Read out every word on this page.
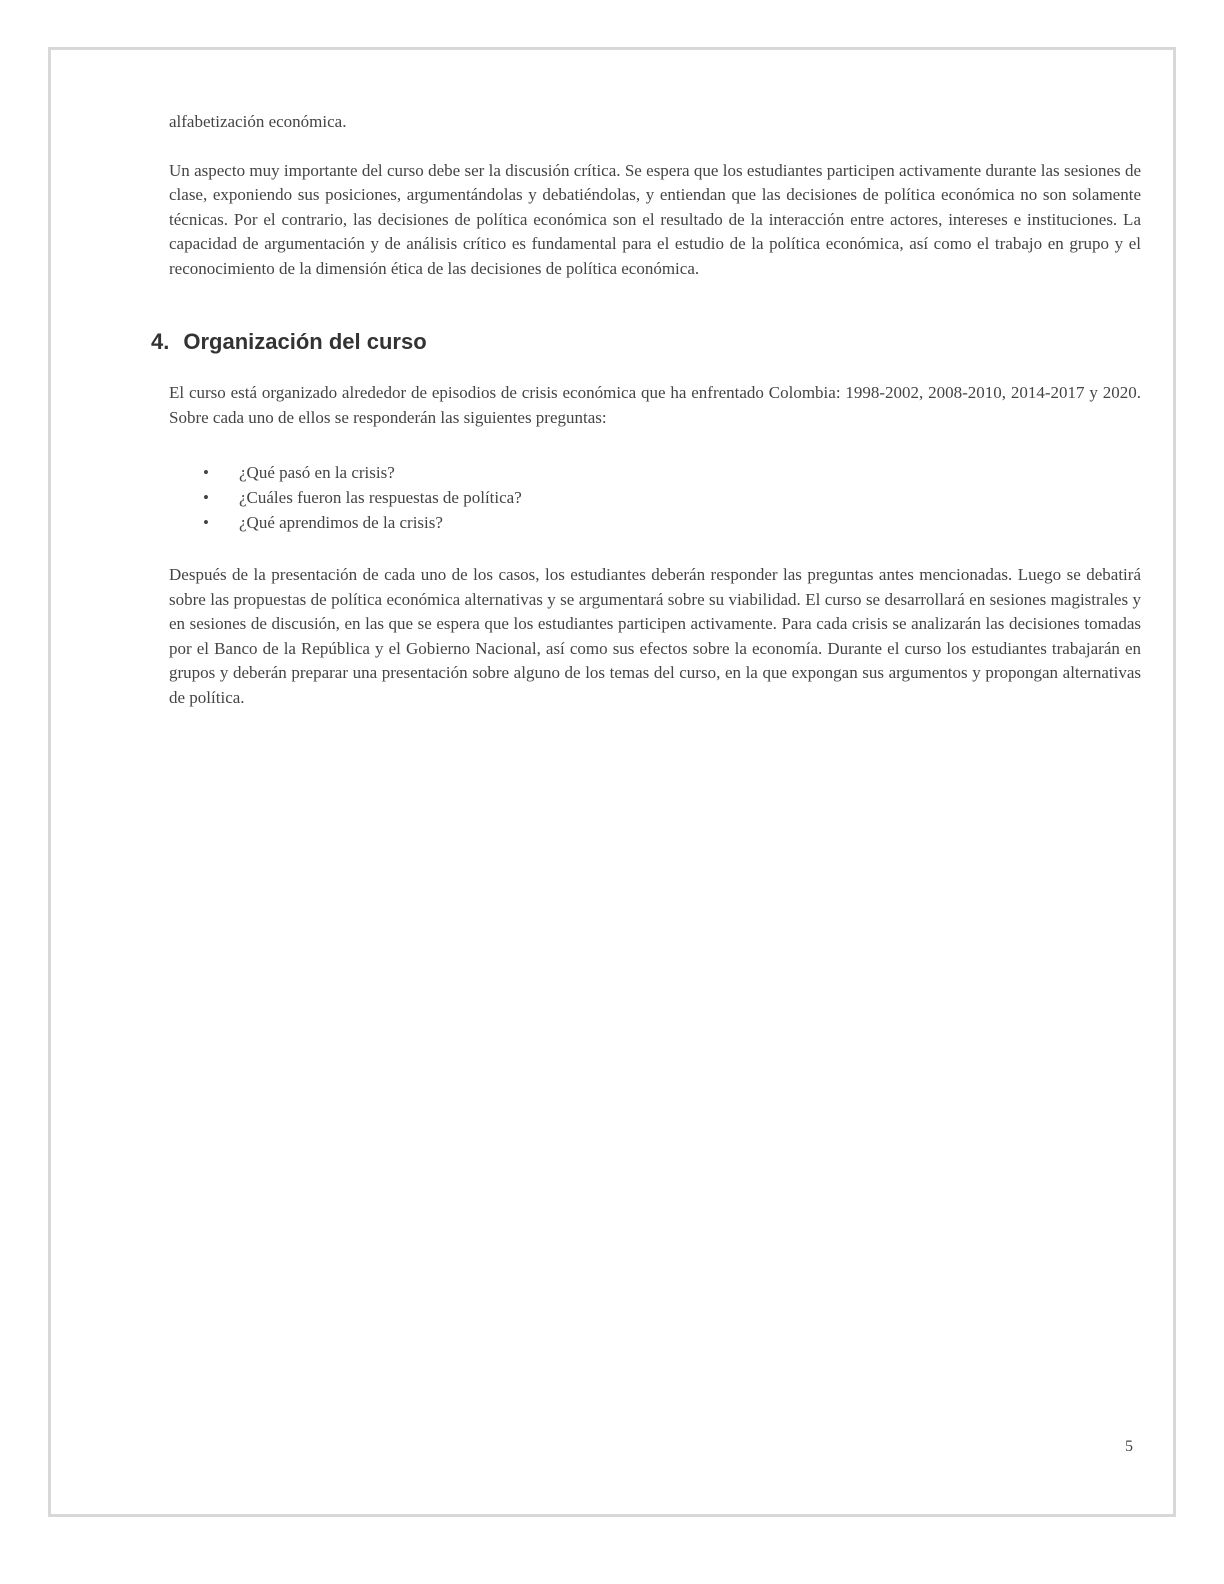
alfabetización económica.

Un aspecto muy importante del curso debe ser la discusión crítica. Se espera que los estudiantes participen activamente durante las sesiones de clase, exponiendo sus posiciones, argumentándolas y debatiéndolas, y entiendan que las decisiones de política económica no son solamente técnicas. Por el contrario, las decisiones de política económica son el resultado de la interacción entre actores, intereses e instituciones. La capacidad de argumentación y de análisis crítico es fundamental para el estudio de la política económica, así como el trabajo en grupo y el reconocimiento de la dimensión ética de las decisiones de política económica.

4. Organización del curso

El curso está organizado alrededor de episodios de crisis económica que ha enfrentado Colombia: 1998-2002, 2008-2010, 2014-2017 y 2020. Sobre cada uno de ellos se responderán las siguientes preguntas:

• ¿Qué pasó en la crisis?
• ¿Cuáles fueron las respuestas de política?
• ¿Qué aprendimos de la crisis?

Después de la presentación de cada uno de los casos, los estudiantes deberán responder las preguntas antes mencionadas. Luego se debatirá sobre las propuestas de política económica alternativas y se argumentará sobre su viabilidad. El curso se desarrollará en sesiones magistrales y en sesiones de discusión, en las que se espera que los estudiantes participen activamente. Para cada crisis se analizarán las decisiones tomadas por el Banco de la República y el Gobierno Nacional, así como sus efectos sobre la economía. Durante el curso los estudiantes trabajarán en grupos y deberán preparar una presentación sobre alguno de los temas del curso, en la que expongan sus argumentos y propongan alternativas de política.

5
